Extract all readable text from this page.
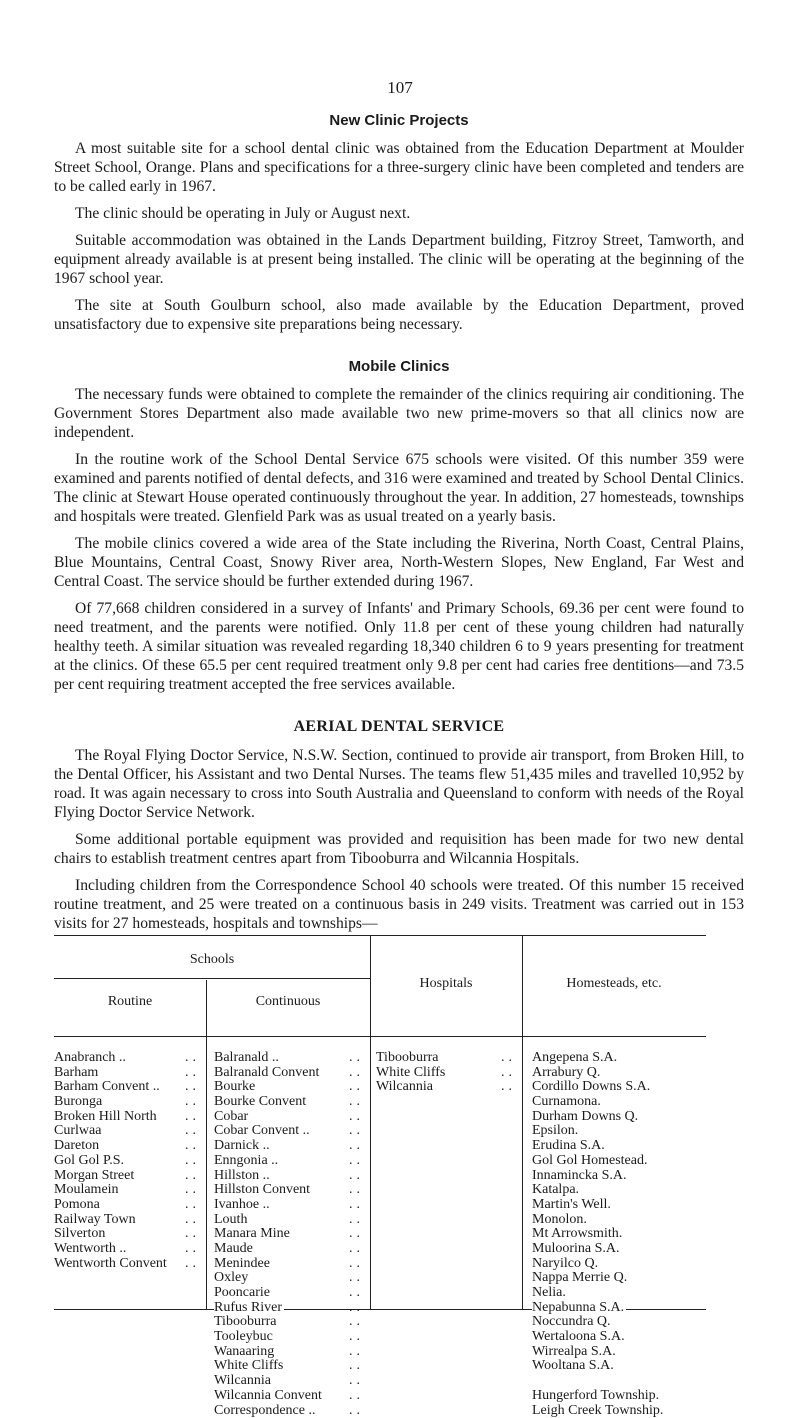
107
New Clinic Projects

A most suitable site for a school dental clinic was obtained from the Education Department at Moulder Street School, Orange. Plans and specifications for a three-surgery clinic have been completed and tenders are to be called early in 1967.

The clinic should be operating in July or August next.

Suitable accommodation was obtained in the Lands Department building, Fitzroy Street, Tamworth, and equipment already available is at present being installed. The clinic will be operating at the beginning of the 1967 school year.

The site at South Goulburn school, also made available by the Education Department, proved unsatisfactory due to expensive site preparations being necessary.

Mobile Clinics

The necessary funds were obtained to complete the remainder of the clinics requiring air conditioning. The Government Stores Department also made available two new prime-movers so that all clinics now are independent.

In the routine work of the School Dental Service 675 schools were visited. Of this number 359 were examined and parents notified of dental defects, and 316 were examined and treated by School Dental Clinics. The clinic at Stewart House operated continuously throughout the year. In addition, 27 homesteads, townships and hospitals were treated. Glenfield Park was as usual treated on a yearly basis.

The mobile clinics covered a wide area of the State including the Riverina, North Coast, Central Plains, Blue Mountains, Central Coast, Snowy River area, North-Western Slopes, New England, Far West and Central Coast. The service should be further extended during 1967.

Of 77,668 children considered in a survey of Infants' and Primary Schools, 69.36 per cent were found to need treatment, and the parents were notified. Only 11.8 per cent of these young children had naturally healthy teeth. A similar situation was revealed regarding 18,340 children 6 to 9 years presenting for treatment at the clinics. Of these 65.5 per cent required treatment only 9.8 per cent had caries free dentitions—and 73.5 per cent requiring treatment accepted the free services available.

AERIAL DENTAL SERVICE

The Royal Flying Doctor Service, N.S.W. Section, continued to provide air transport, from Broken Hill, to the Dental Officer, his Assistant and two Dental Nurses. The teams flew 51,435 miles and travelled 10,952 by road. It was again necessary to cross into South Australia and Queensland to conform with needs of the Royal Flying Doctor Service Network.

Some additional portable equipment was provided and requisition has been made for two new dental chairs to establish treatment centres apart from Tibooburra and Wilcannia Hospitals.

Including children from the Correspondence School 40 schools were treated. Of this number 15 received routine treatment, and 25 were treated on a continuous basis in 249 visits. Treatment was carried out in 153 visits for 27 homesteads, hospitals and townships—

Schools
Routine	Continuous
Hospitals	Homesteads, etc.
..
Anabranch ..
..
Barham
..
Barham Convent ..
..
Buronga
..
Broken Hill North
..
Curlwaa
..
Dareton
..
Gol Gol P.S.
..
Morgan Street
..
Moulamein
..
Pomona
..
Railway Town
..
Silverton
..
Wentworth ..
..
Wentworth Convent
..
Balranald ..
..
Balranald Convent
..
Bourke
..
Bourke Convent
..
Cobar
..
Cobar Convent ..
..
Darnick ..
..
Enngonia ..
..
Hillston ..
..
Hillston Convent
..
Ivanhoe ..
..
Louth
..
Manara Mine
..
Maude
..
Menindee
..
Oxley
..
Pooncarie
..
Rufus River
..
Tibooburra
..
Tooleybuc
..
Wanaaring
..
White Cliffs
..
Wilcannia
..
Wilcannia Convent
..
Correspondence ..
..
Tibooburra
..
White Cliffs
..
Wilcannia
Angepena S.A.
Arrabury Q.
Cordillo Downs S.A.
Curnamona.
Durham Downs Q.
Epsilon.
Erudina S.A.
Gol Gol Homestead.
Innamincka S.A.
Katalpa.
Martin's Well.
Monolon.
Mt Arrowsmith.
Muloorina S.A.
Naryilco Q.
Nappa Merrie Q.
Nelia.
Nepabunna S.A.
Noccundra Q.
Wertaloona S.A.
Wirrealpa S.A.
Wooltana S.A.
Hungerford Township.
Leigh Creek Township.
